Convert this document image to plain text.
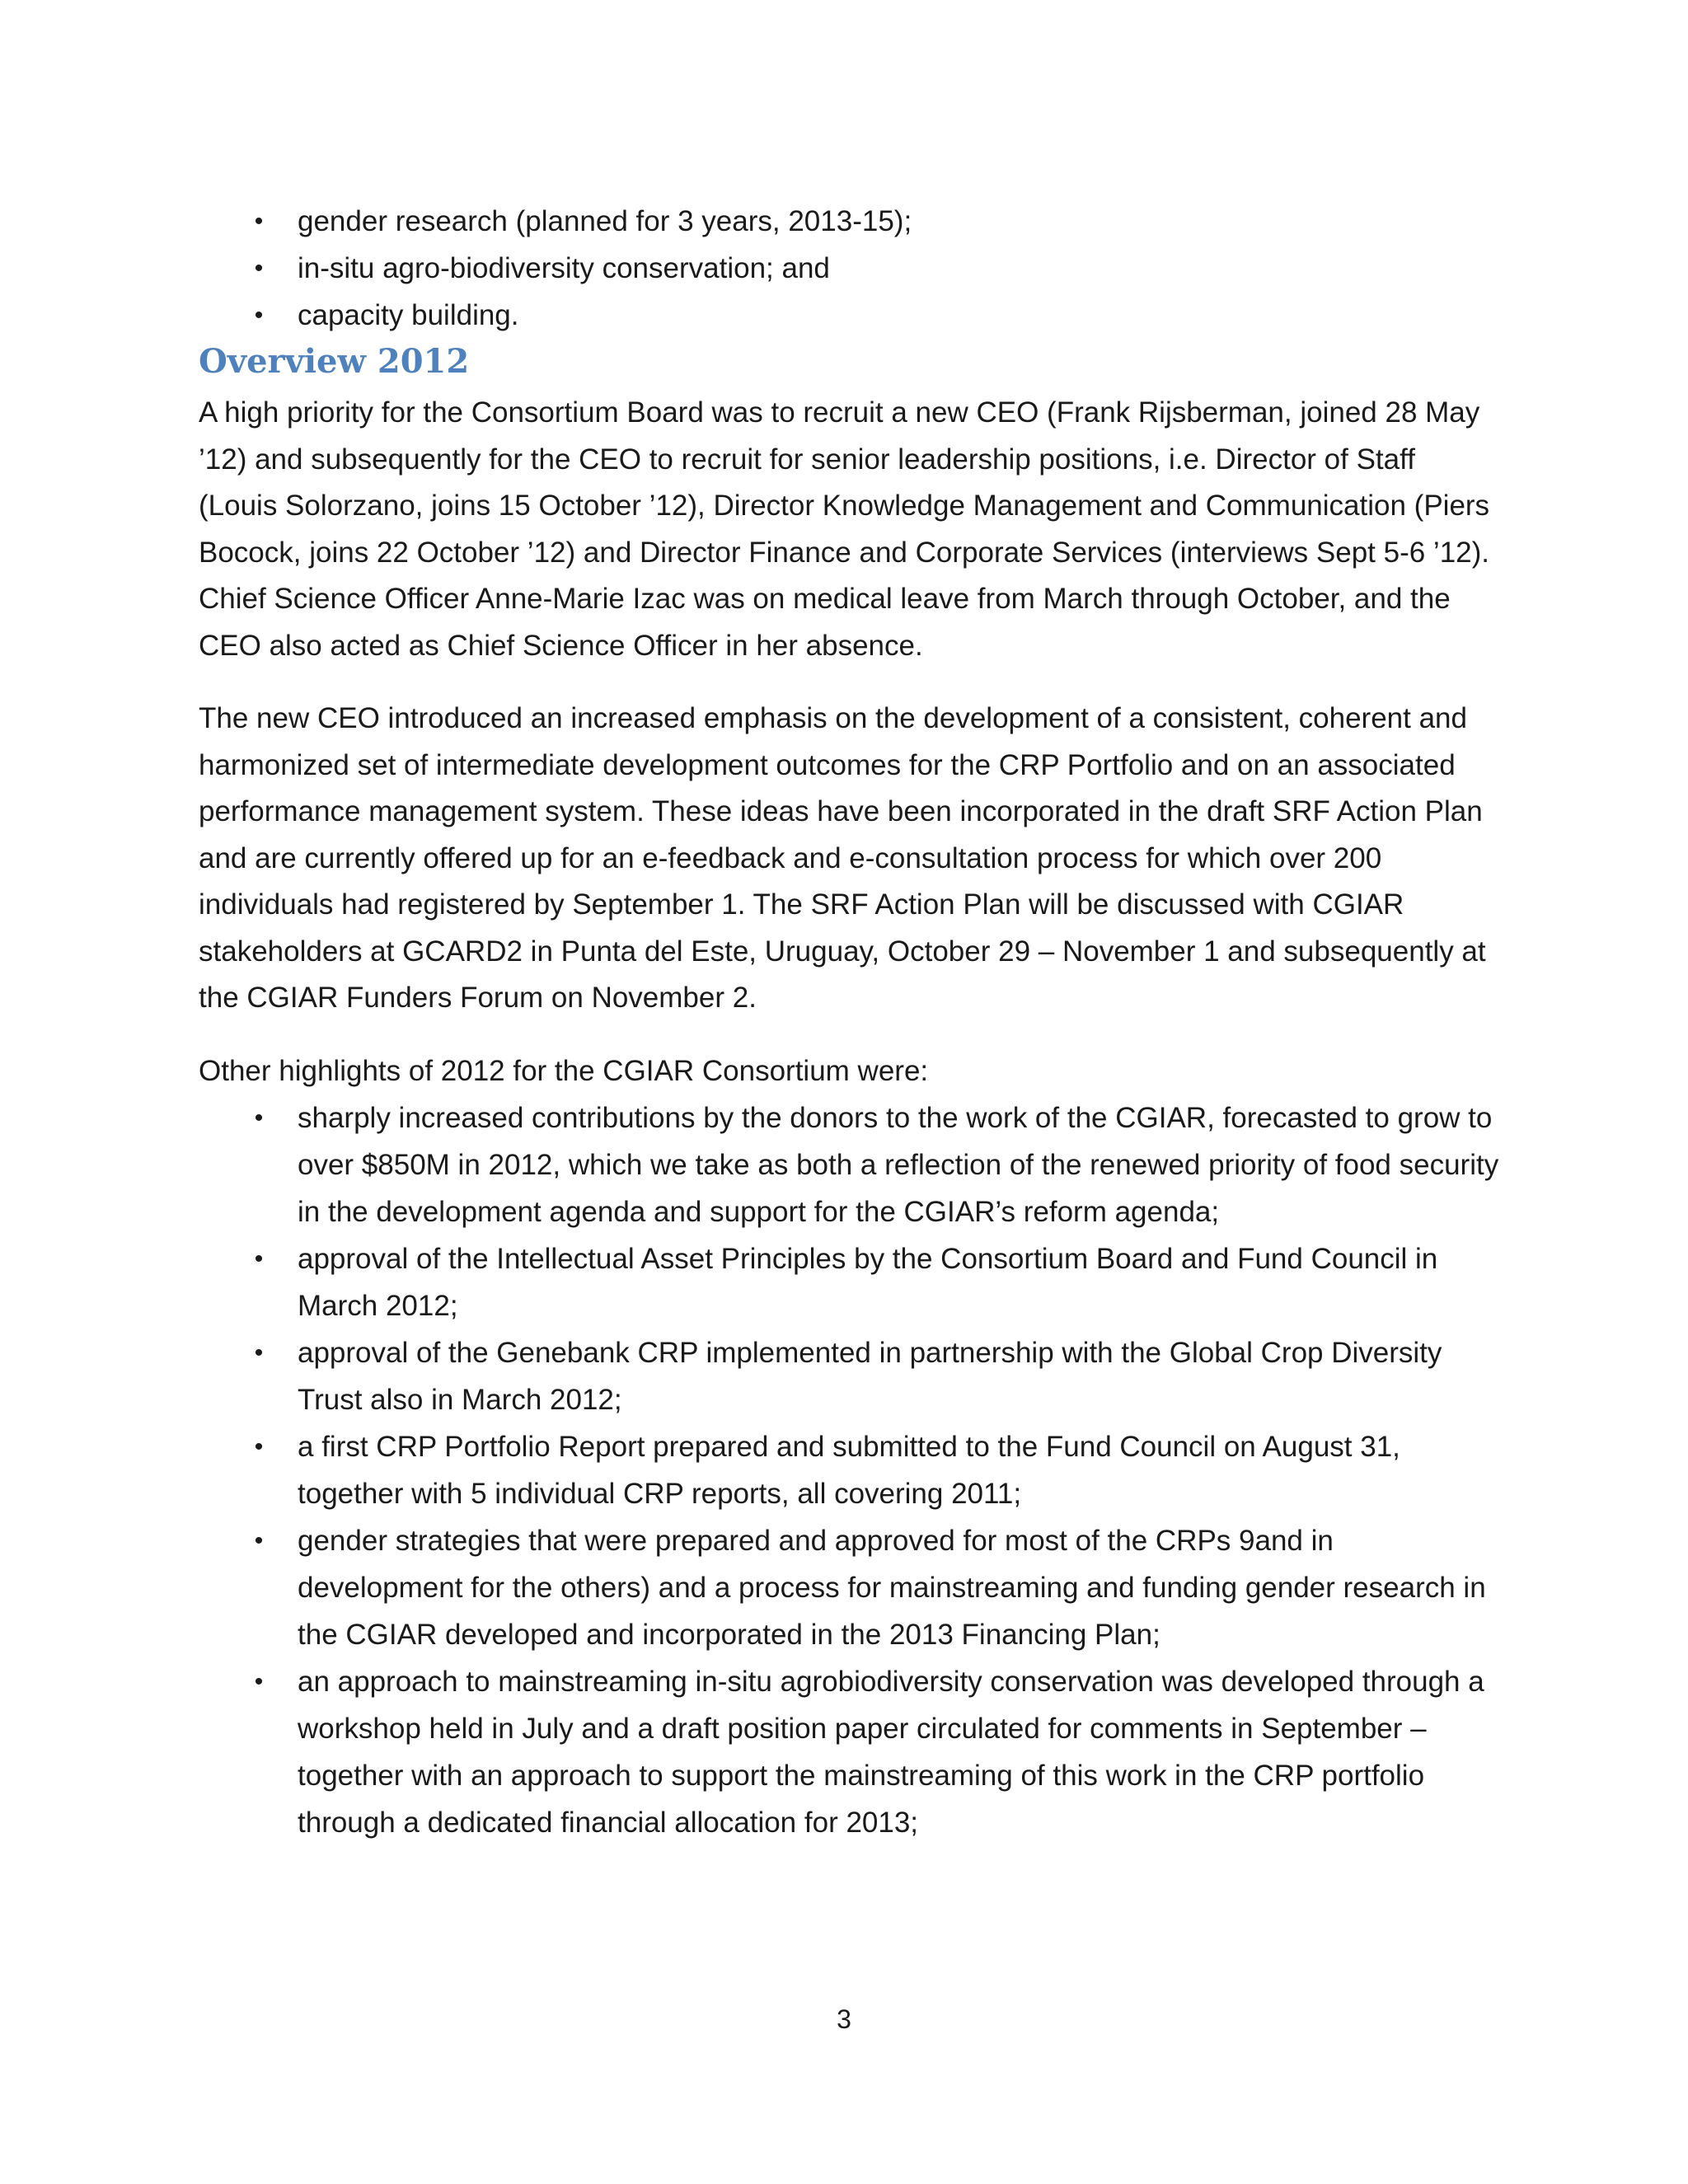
• gender research (planned for 3 years, 2013-15);
• in-situ agro-biodiversity conservation; and
• capacity building.
Overview 2012

A high priority for the Consortium Board was to recruit a new CEO (Frank Rijsberman, joined 28 May ’12) and subsequently for the CEO to recruit for senior leadership positions, i.e. Director of Staff (Louis Solorzano, joins 15 October ’12), Director Knowledge Management and Communication (Piers Bocock, joins 22 October ’12) and Director Finance and Corporate Services (interviews Sept 5-6 ’12). Chief Science Officer Anne-Marie Izac was on medical leave from March through October, and the CEO also acted as Chief Science Officer in her absence.

The new CEO introduced an increased emphasis on the development of a consistent, coherent and harmonized set of intermediate development outcomes for the CRP Portfolio and on an associated performance management system. These ideas have been incorporated in the draft SRF Action Plan and are currently offered up for an e-feedback and e-consultation process for which over 200 individuals had registered by September 1. The SRF Action Plan will be discussed with CGIAR stakeholders at GCARD2 in Punta del Este, Uruguay, October 29 – November 1 and subsequently at the CGIAR Funders Forum on November 2.

Other highlights of 2012 for the CGIAR Consortium were:

• sharply increased contributions by the donors to the work of the CGIAR, forecasted to grow to over $850M in 2012, which we take as both a reflection of the renewed priority of food security in the development agenda and support for the CGIAR’s reform agenda;
• approval of the Intellectual Asset Principles by the Consortium Board and Fund Council in March 2012;
• approval of the Genebank CRP implemented in partnership with the Global Crop Diversity Trust also in March 2012;
• a first CRP Portfolio Report prepared and submitted to the Fund Council on August 31, together with 5 individual CRP reports, all covering 2011;
• gender strategies that were prepared and approved for most of the CRPs 9and in development for the others) and a process for mainstreaming and funding gender research in the CGIAR developed and incorporated in the 2013 Financing Plan;
• an approach to mainstreaming in-situ agrobiodiversity conservation was developed through a workshop held in July and a draft position paper circulated for comments in September – together with an approach to support the mainstreaming of this work in the CRP portfolio through a dedicated financial allocation for 2013;
3
